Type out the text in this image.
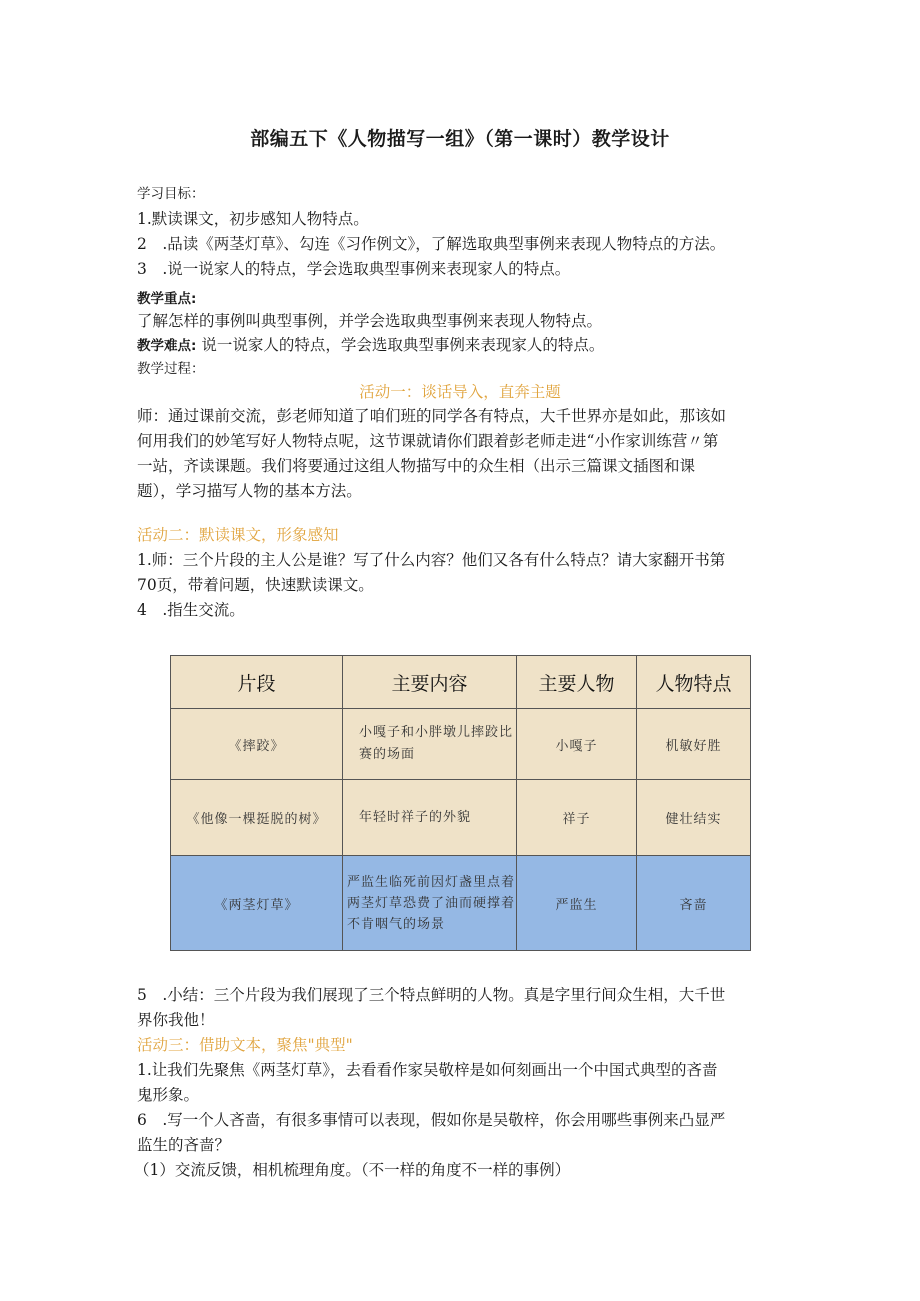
部编五下《人物描写一组》（第一课时）教学设计
学习目标：
1.默读课文，初步感知人物特点。
2　.品读《两茎灯草》、勾连《习作例文》，了解选取典型事例来表现人物特点的方法。
3　.说一说家人的特点，学会选取典型事例来表现家人的特点。
教学重点:
了解怎样的事例叫典型事例，并学会选取典型事例来表现人物特点。
教学难点: 说一说家人的特点，学会选取典型事例来表现家人的特点。
教学过程：
活动一：谈话导入，直奔主题
师：通过课前交流，彭老师知道了咱们班的同学各有特点，大千世界亦是如此，那该如
何用我们的妙笔写好人物特点呢，这节课就请你们跟着彭老师走进“小作家训练营〃第
一站，齐读课题。我们将要通过这组人物描写中的众生相（出示三篇课文插图和课
题），学习描写人物的基本方法。
活动二：默读课文，形象感知
1.师：三个片段的主人公是谁？写了什么内容？他们又各有什么特点？请大家翻开书第
70页，带着问题，快速默读课文。
4　.指生交流。
片段	主要内容	主要人物	人物特点
《摔跤》	小嘎子和小胖墩儿摔跤比赛的场面	小嘎子	机敏好胜
《他像一棵挺脱的树》	年轻时祥子的外貌	祥子	健壮结实
《两茎灯草》	严监生临死前因灯盏里点着两茎灯草恐费了油而硬撑着不肯咽气的场景	严监生	吝啬
5　.小结：三个片段为我们展现了三个特点鲜明的人物。真是字里行间众生相，大千世
界你我他！
活动三：借助文本，聚焦"典型"
1.让我们先聚焦《两茎灯草》，去看看作家吴敬梓是如何刻画出一个中国式典型的吝啬
鬼形象。
6　.写一个人吝啬，有很多事情可以表现，假如你是吴敬梓，你会用哪些事例来凸显严
监生的吝啬？
（1）交流反馈，相机梳理角度。（不一样的角度不一样的事例）
